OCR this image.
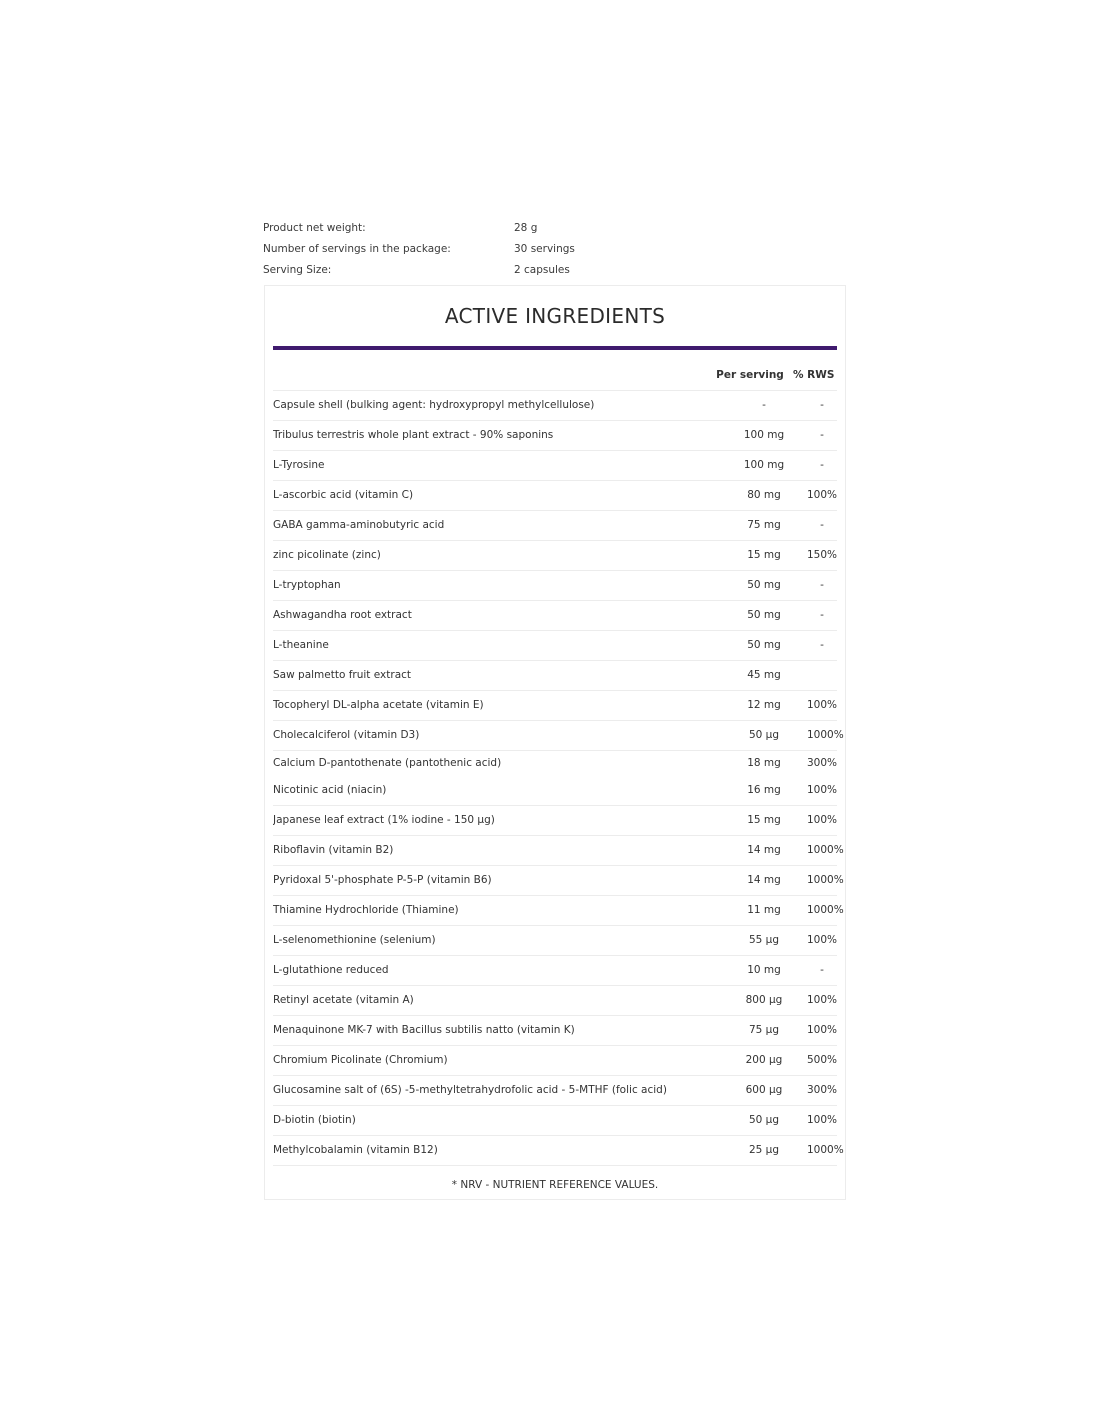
Product net weight:	28 g
Number of servings in the package:	30 servings
Serving Size:	2 capsules
ACTIVE INGREDIENTS
Per serving % RWS
Capsule shell (bulking agent: hydroxypropyl methylcellulose)	-	-
Tribulus terrestris whole plant extract - 90% saponins	100 mg	-
L-Tyrosine	100 mg	-
L-ascorbic acid (vitamin C)	80 mg	100%
GABA gamma-aminobutyric acid	75 mg	-
zinc picolinate (zinc)	15 mg	150%
L-tryptophan	50 mg	-
Ashwagandha root extract	50 mg	-
L-theanine	50 mg	-
Saw palmetto fruit extract	45 mg
Tocopheryl DL-alpha acetate (vitamin E)	12 mg	100%
Cholecalciferol (vitamin D3)	50 µg	1000%
Calcium D-pantothenate (pantothenic acid)	18 mg	300%
Nicotinic acid (niacin)	16 mg	100%
Japanese leaf extract (1% iodine - 150 µg)	15 mg	100%
Riboflavin (vitamin B2)	14 mg	1000%
Pyridoxal 5'-phosphate P-5-P (vitamin B6)	14 mg	1000%
Thiamine Hydrochloride (Thiamine)	11 mg	1000%
L-selenomethionine (selenium)	55 µg	100%
L-glutathione reduced	10 mg	-
Retinyl acetate (vitamin A)	800 µg	100%
Menaquinone MK-7 with Bacillus subtilis natto (vitamin K)	75 µg	100%
Chromium Picolinate (Chromium)	200 µg	500%
Glucosamine salt of (6S) -5-methyltetrahydrofolic acid - 5-MTHF (folic acid)	600 µg	300%
D-biotin (biotin)	50 µg	100%
Methylcobalamin (vitamin B12)	25 µg	1000%
* NRV - NUTRIENT REFERENCE VALUES.
